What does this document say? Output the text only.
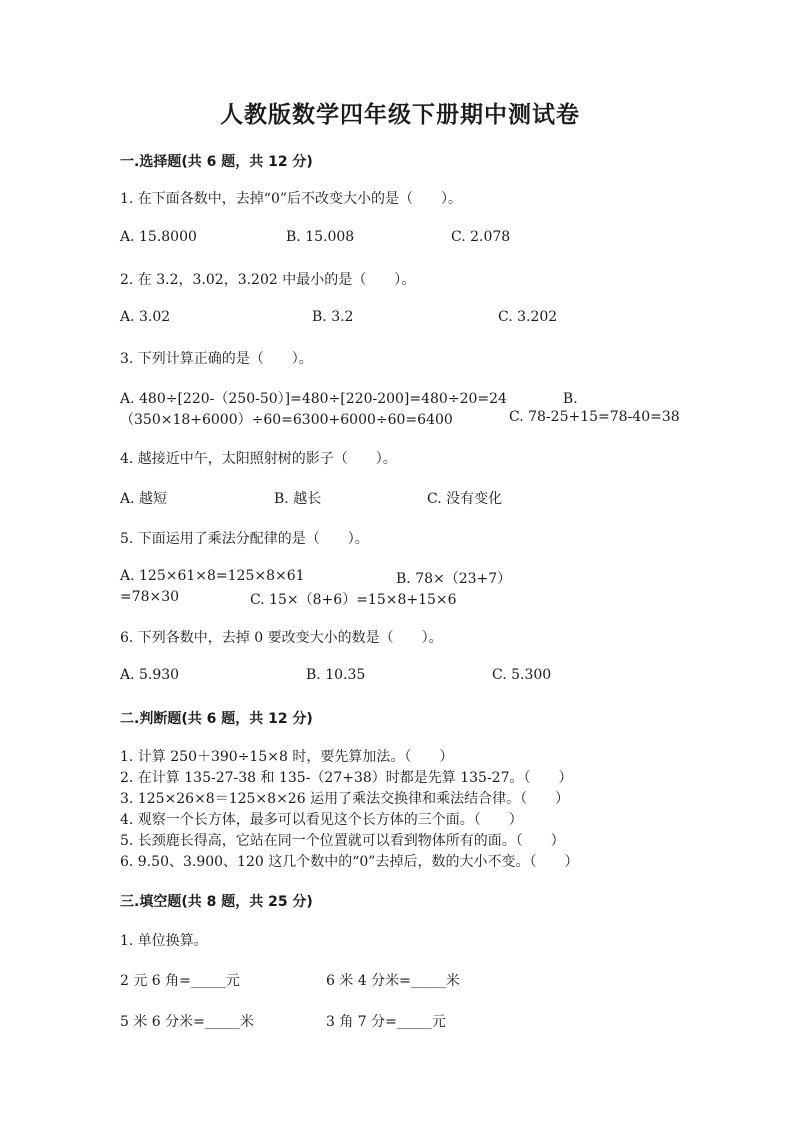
人教版数学四年级下册期中测试卷
一.选择题(共 6 题，共 12 分)
1. 在下面各数中，去掉“0”后不改变大小的是（　　）。
A. 15.8000	B. 15.008	C. 2.078
2. 在 3.2，3.02，3.202 中最小的是（　　）。
A. 3.02	B. 3.2	C. 3.202
3. 下列计算正确的是（　　）。
A. 480÷[220-（250-50）]=480÷[220-200]=480÷20=24　　　　B.
（350×18+6000）÷60=6300+6000÷60=6400	C. 78-25+15=78-40=38
4. 越接近中午，太阳照射树的影子（　　）。
A. 越短	B. 越长	C. 没有变化
5. 下面运用了乘法分配律的是（　　）。
A. 125×61×8=125×8×61	B. 78×（23+7）
=78×30	C. 15×（8+6）=15×8+15×6
6. 下列各数中，去掉 0 要改变大小的数是（　　）。
A. 5.930	B. 10.35	C. 5.300
二.判断题(共 6 题，共 12 分)
1. 计算 250＋390÷15×8 时，要先算加法。（　　）
2. 在计算 135-27-38 和 135-（27+38）时都是先算 135-27。（　　）
3. 125×26×8＝125×8×26 运用了乘法交换律和乘法结合律。（　　）
4. 观察一个长方体，最多可以看见这个长方体的三个面。（　　）
5. 长颈鹿长得高，它站在同一个位置就可以看到物体所有的面。（　　）
6. 9.50、3.900、120 这几个数中的“0”去掉后，数的大小不变。（　　）
三.填空题(共 8 题，共 25 分)
1. 单位换算。
2 元 6 角=_____元	6 米 4 分米=_____米
5 米 6 分米=_____米	3 角 7 分=_____元
